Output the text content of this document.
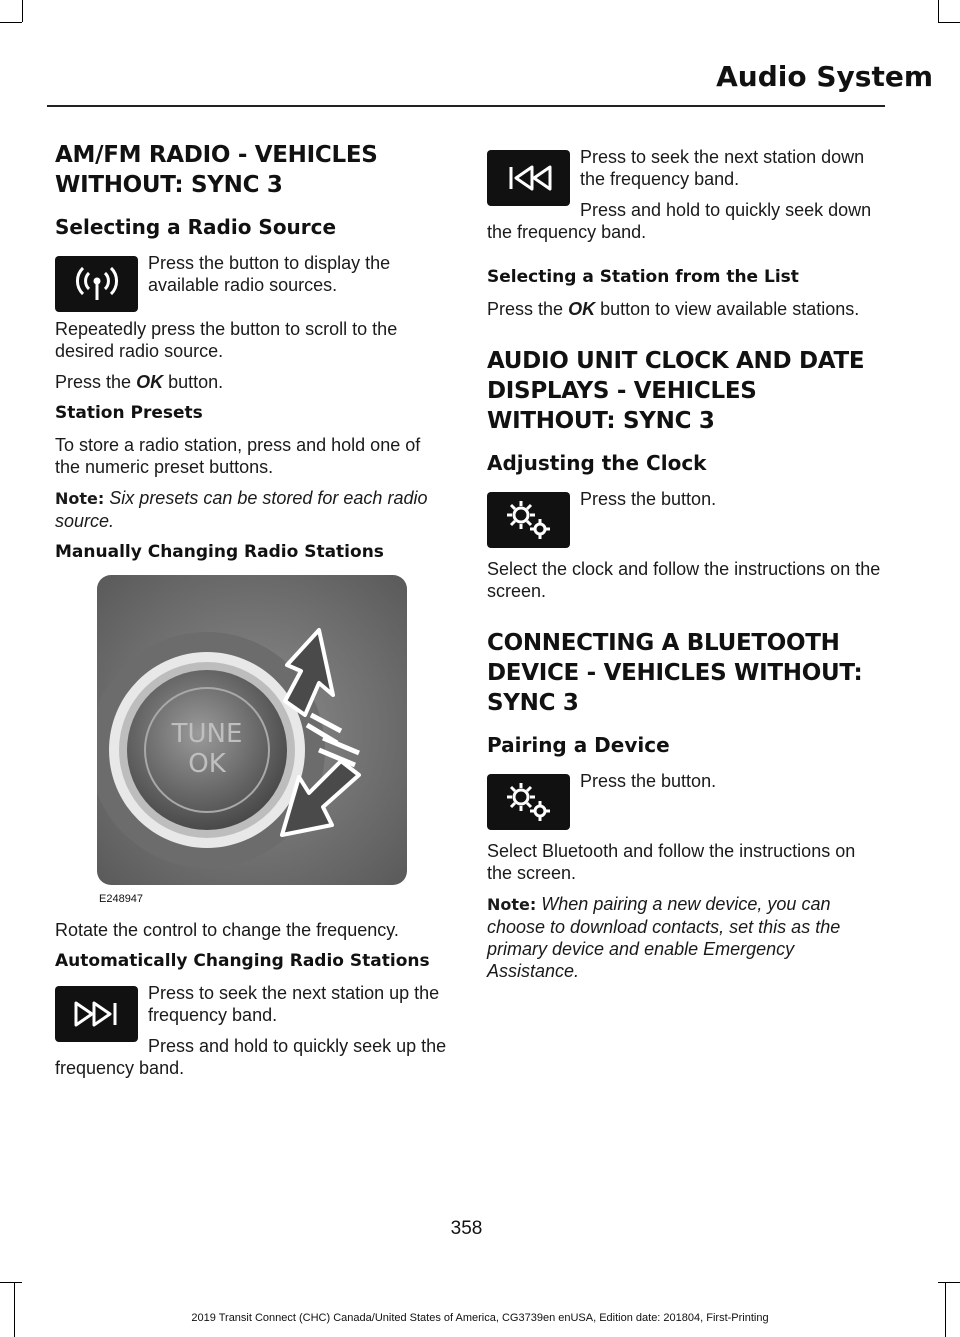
Audio System
AM/FM RADIO - VEHICLES
WITHOUT: SYNC 3
Selecting a Radio Source

Press the button to display the available radio sources.

Repeatedly press the button to scroll to the desired radio source.

Press the OK button.

Station Presets

To store a radio station, press and hold one of the numeric preset buttons.

Note: Six presets can be stored for each radio source.

Manually Changing Radio Stations
TUNE
OK
E248947

Rotate the control to change the frequency.

Automatically Changing Radio Stations

Press to seek the next station up the frequency band.

Press and hold to quickly seek up the frequency band.

Press to seek the next station down the frequency band.

Press and hold to quickly seek down the frequency band.

Selecting a Station from the List

Press the OK button to view available stations.

AUDIO UNIT CLOCK AND DATE
DISPLAYS - VEHICLES
WITHOUT: SYNC 3
Adjusting the Clock

Press the button.

Select the clock and follow the instructions on the screen.

CONNECTING A BLUETOOTH
DEVICE - VEHICLES WITHOUT:
SYNC 3
Pairing a Device

Press the button.

Select Bluetooth and follow the instructions on the screen.

Note: When pairing a new device, you can choose to download contacts, set this as the primary device and enable Emergency Assistance.

358
2019 Transit Connect (CHC) Canada/United States of America, CG3739en enUSA, Edition date: 201804, First-Printing
